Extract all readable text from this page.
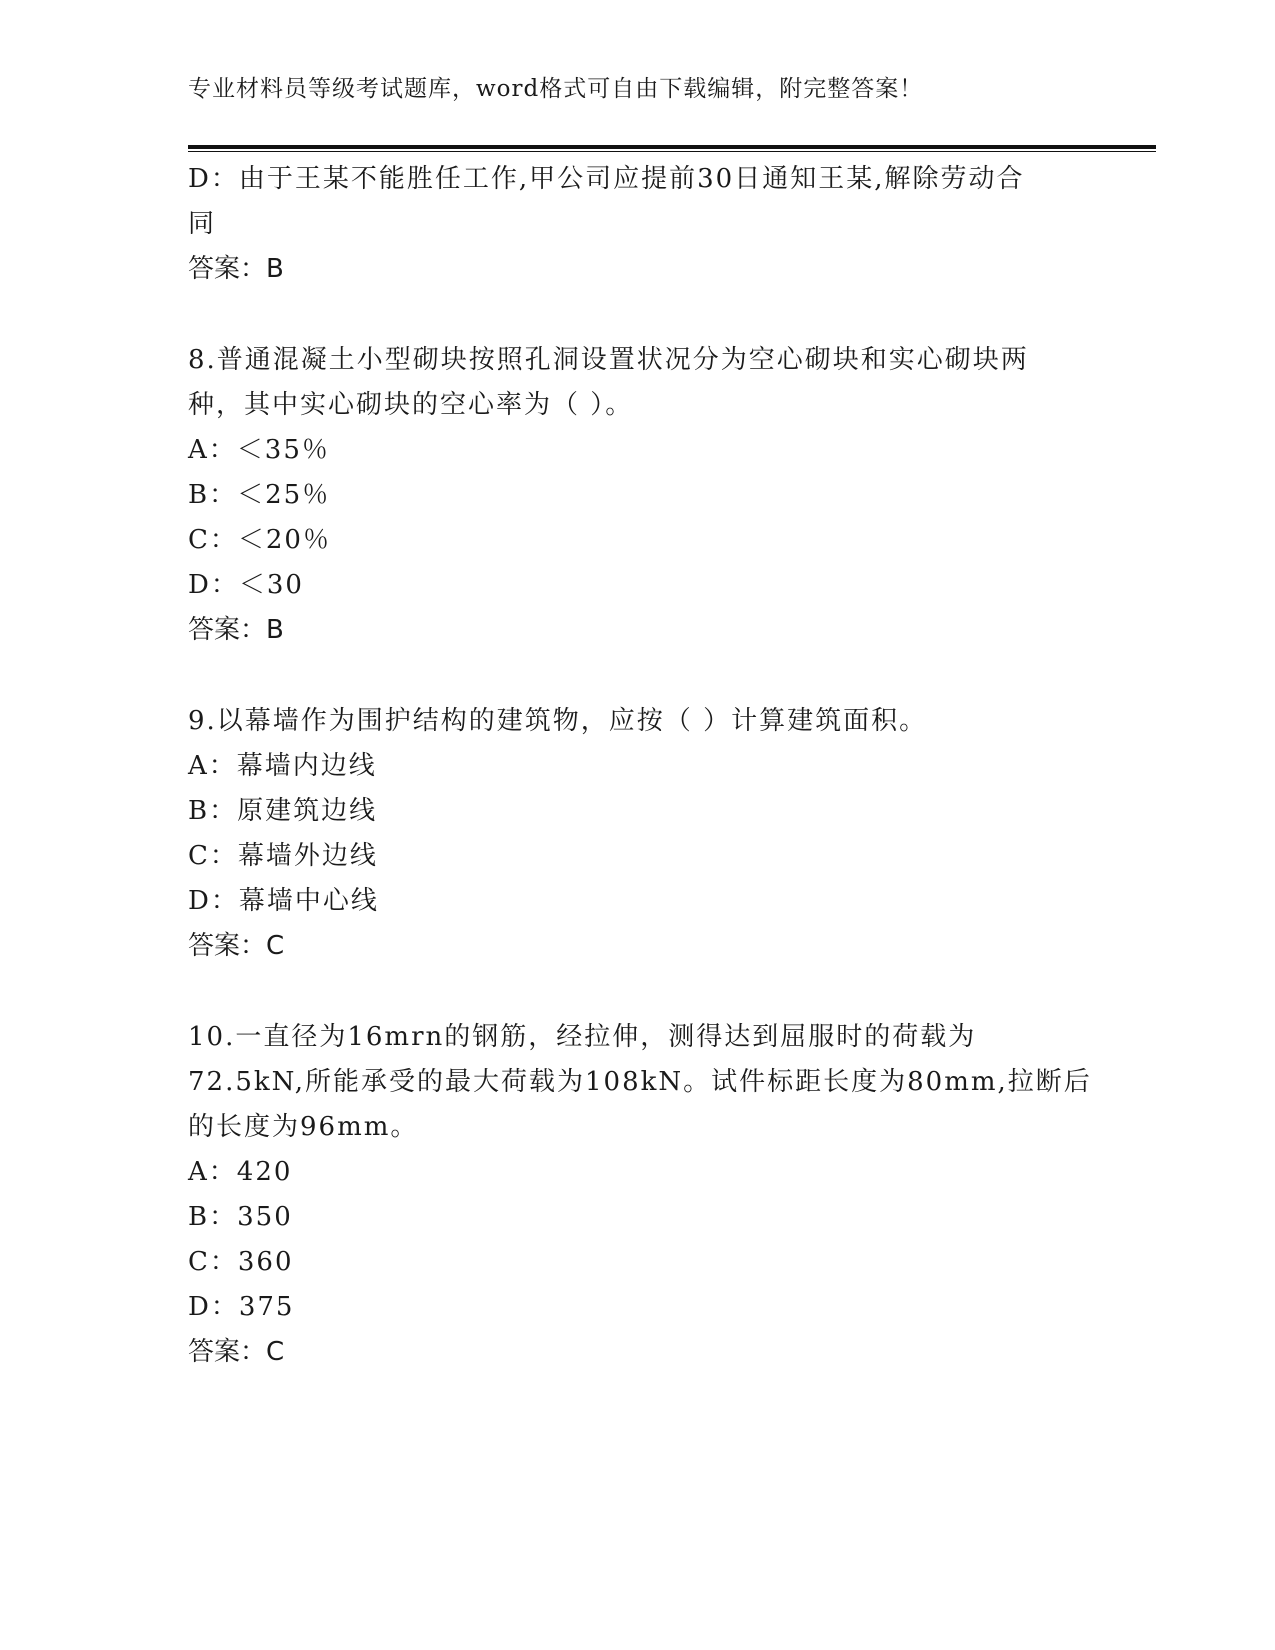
专业材料员等级考试题库，word格式可自由下载编辑，附完整答案！
D：由于王某不能胜任工作,甲公司应提前30日通知王某,解除劳动合
同
答案：B
8.普通混凝土小型砌块按照孔洞设置状况分为空心砌块和实心砌块两
种，其中实心砌块的空心率为（ ）。
A：＜35％
B：＜25％
C：＜20％
D：＜30
答案：B
9.以幕墙作为围护结构的建筑物，应按（ ）计算建筑面积。
A：幕墙内边线
B：原建筑边线
C：幕墙外边线
D：幕墙中心线
答案：C
10.一直径为16mrn的钢筋，经拉伸，测得达到屈服时的荷载为
72.5kN,所能承受的最大荷载为108kN。试件标距长度为80mm,拉断后
的长度为96mm。
A：420
B：350
C：360
D：375
答案：C
